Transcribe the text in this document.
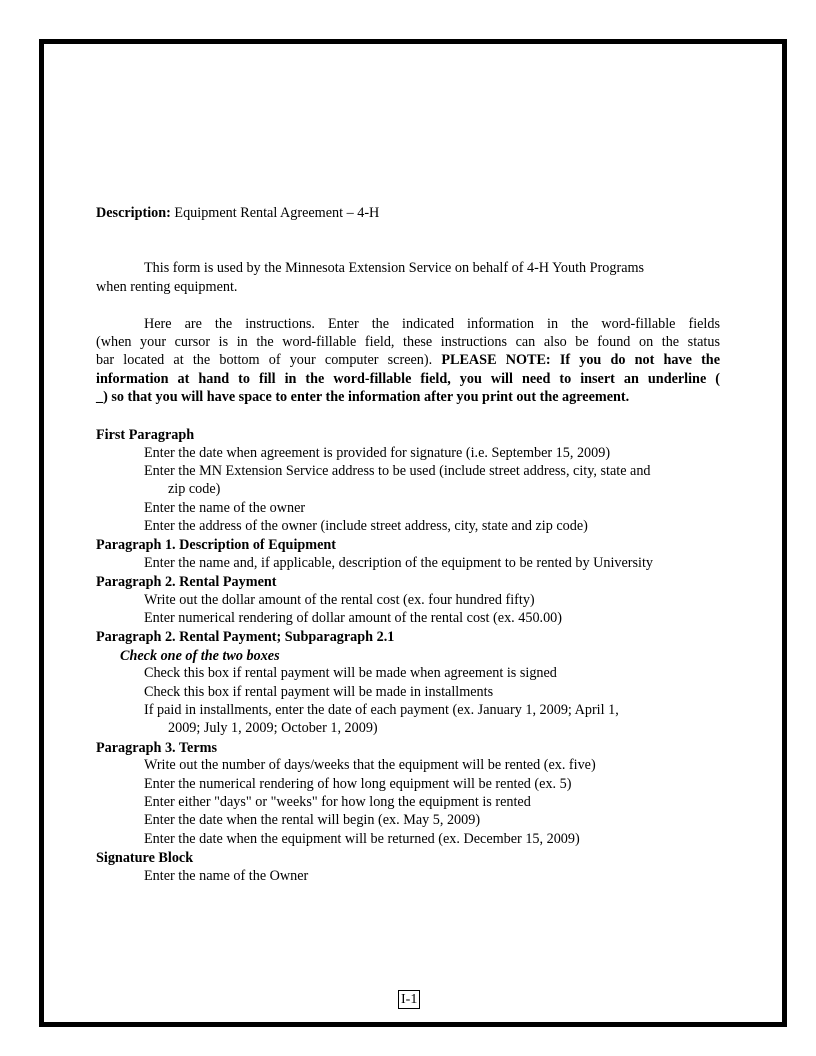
Description: Equipment Rental Agreement – 4-H
This form is used by the Minnesota Extension Service on behalf of 4-H Youth Programs
when renting equipment.
Here are the instructions. Enter the indicated information in the word-fillable fields
(when your cursor is in the word-fillable field, these instructions can also be found on the status
bar located at the bottom of your computer screen). PLEASE NOTE: If you do not have the
information at hand to fill in the word-fillable field, you will need to insert an underline (
_) so that you will have space to enter the information after you print out the agreement.
First Paragraph
Enter the date when agreement is provided for signature (i.e. September 15, 2009)
Enter the MN Extension Service address to be used (include street address, city, state and
zip code)
Enter the name of the owner
Enter the address of the owner (include street address, city, state and zip code)
Paragraph 1. Description of Equipment
Enter the name and, if applicable, description of the equipment to be rented by University
Paragraph 2. Rental Payment
Write out the dollar amount of the rental cost (ex. four hundred fifty)
Enter numerical rendering of dollar amount of the rental cost (ex. 450.00)
Paragraph 2. Rental Payment; Subparagraph 2.1
Check one of the two boxes
Check this box if rental payment will be made when agreement is signed
Check this box if rental payment will be made in installments
If paid in installments, enter the date of each payment (ex. January 1, 2009; April 1,
2009; July 1, 2009; October 1, 2009)
Paragraph 3. Terms
Write out the number of days/weeks that the equipment will be rented (ex. five)
Enter the numerical rendering of how long equipment will be rented (ex. 5)
Enter either "days" or "weeks" for how long the equipment is rented
Enter the date when the rental will begin (ex. May 5, 2009)
Enter the date when the equipment will be returned (ex. December 15, 2009)
Signature Block
Enter the name of the Owner
I-1
